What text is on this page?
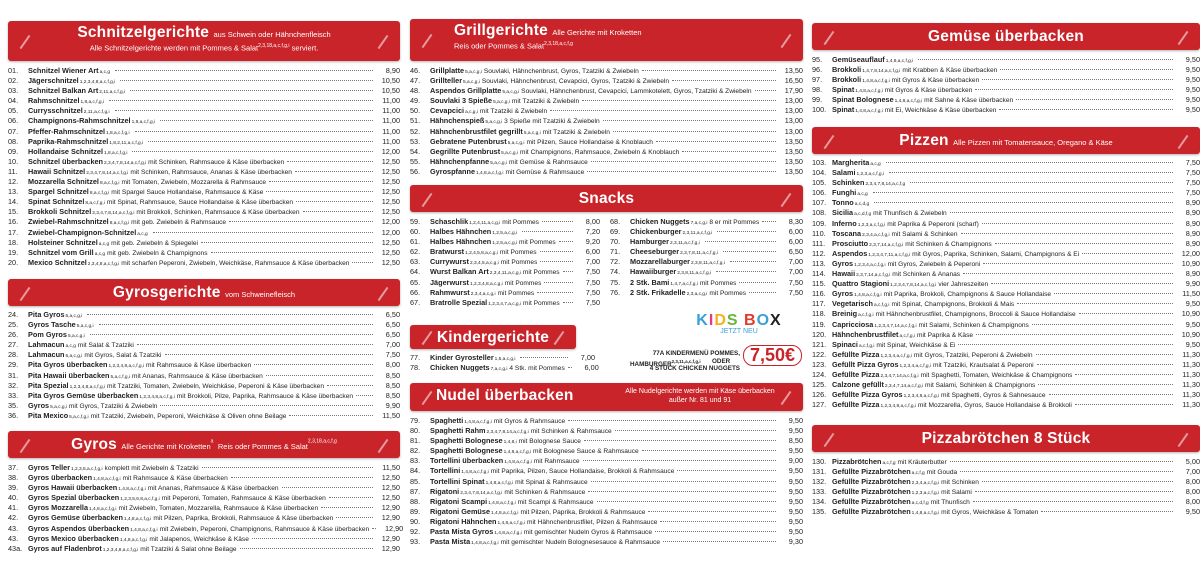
Schnitzelgerichte aus Schwein oder Hähnchenfleisch
Alle Schnitzelgerichte werden mit Pommes & Salat$^{2,3,18,a,c,f,g,i}$ serviert.
01.	Schnitzel Wiener Art a,c,g	8,90
02.	Jägerschnitzel 1,2,3,4,8,a,c,f,g,i	10,50
03.	Schnitzel Balkan Art 2,11,a,c,f,g,i	10,50
04.	Rahmschnitzel 1,8,a,c,f,g,i	11,00
05.	Currysschnitzel 2,11,a,c,f,g,i	11,00
06.	Champignons-Rahmschnitzel 1,8,a,c,f,g,i	11,00
07.	Pfeffer-Rahmschnitzel 1,8,a,c,f,g,i	11,00
08.	Paprika-Rahmschnitzel 1,8,2,11,a,c,f,g,i	11,00
09.	Hollandaise Schnitzel 1,8,a,c,f,g,i	12,00
10.	Schnitzel überbacken 2,3,4,7,8,14,a,c,f,g,i mit Schinken, Rahmsauce & Käse überbacken	12,50
11.	Hawaii Schnitzel 2,3,4,7,8,14,a,c,f,g,i mit Schinken, Rahmsauce, Ananas & Käse überbacken	12,50
12.	Mozzarella Schnitzel 8,a,c,f,g,i mit Tomaten, Zwiebeln, Mozzarella & Rahmsauce	12,50
13.	Spargel Schnitzel 8,a,c,f,g,i mit Spargel Sauce Hollandaise, Rahmsauce & Käse	12,50
14.	Spinat Schnitzel 8,a,c,f,g,i mit Spinat, Rahmsauce, Sauce Hollandaise & Käse überbacken	12,50
15.	Brokkoli Schnitzel 2,3,4,7,8,14,a,c,f,g,i mit Brokkoli, Schinken, Rahmsauce & Käse überbacken	12,50
16.	Zwiebel-Rahmschnitzel 8,a,c,f,g,i mit geb. Zwiebeln & Rahmsauce	12,00
17.	Zwiebel-Champignon-Schnitzel a,c,g	12,00
18.	Holsteiner Schnitzel a,c,g mit geb. Zwiebeln & Spiegelei	12,50
19.	Schnitzel vom Grill a,c,g mit geb. Zwiebeln & Champignons	12,50
20.	Mexico Schnitzel 2,3,4,8,a,c,f,g,i mit scharfen Peperoni, Zwiebeln, Weichkäse, Rahmsauce & Käse überbacken	12,50
Gyrosgerichte vom Schweinefleisch
24.	Pita Gyros 5,a,c,g,i	6,50
25.	Gyros Tasche 5,a,c,g,i	6,50
26.	Pom Gyros 5,a,c,g,i	6,50
27.	Lahmacun a,c,g mit Salat & Tzatziki	7,00
28.	Lahmacun 5,a,c,g,i mit Gyros, Salat & Tzatziki	7,50
29.	Pita Gyros überbacken 1,2,3,4,8,a,c,f,g,i mit Rahmsauce & Käse überbacken	8,00
31.	Pita Hawaii überbacken 5,a,c,f,g,i mit Ananas, Rahmsauce & Käse überbacken	8,50
32.	Pita Spezial 1,2,3,4,8,a,c,f,g,i mit Tzatziki, Tomaten, Zwiebeln, Weichkäse, Peperoni & Käse überbacken	8,50
33.	Pita Gyros Gemüse überbacken 1,2,3,4,8,a,c,f,g,i mit Brokkoli, Pilze, Paprika, Rahmsauce & Käse überbacken	8,50
35.	Gyros 5,a,c,g,i mit Gyros, Tzatziki & Zwiebeln	9,90
36.	Pita Mexico 5,a,c,f,g,i mit Tzatziki, Zwiebeln, Peperoni, Weichkäse & Oliven ohne Beilage	11,50
Gyros Alle Gerichte mit Kroketten$^a$ Reis oder Pommes & Salat$^{2,3,18,a,c,f,g}$
37.	Gyros Teller 1,2,3,5,a,c,f,g,i komplett mit Zwiebeln & Tzatziki	11,50
38.	Gyros überbacken 1,4,8,a,c,f,g,i mit Rahmsauce & Käse überbacken	12,50
39.	Gyros Hawaii überbacken 1,4,8,a,c,f,g,i mit Ananas, Rahmsauce & Käse überbacken	12,50
40.	Gyros Spezial überbacken 1,2,3,5,6,8,a,c,f,g,i mit Peperoni, Tomaten, Rahmsauce & Käse überbacken	12,50
41.	Gyros Mozzarella 1,4,8,a,c,f,g,i mit Zwiebeln, Tomaten, Mozzarella, Rahmsauce & Käse überbacken	12,90
42.	Gyros Gemüse überbacken 1,4,8,a,c,f,g,i mit Pilzen, Paprika, Brokkoli, Rahmsauce & Käse überbacken	12,90
43.	Gyros Aspendos überbacken 1,4,8,a,c,f,g,i mit Zwiebeln, Peperoni, Champignons, Rahmsauce & Käse überbacken	12,90
43.	Gyros Mexico überbacken 1,4,8,a,c,f,g,i mit Jalapenos, Weichkäse & Käse	12,90
43a. Gyros auf Fladenbrot 1,2,3,4,8,a,c,f,g,i mit Tzatziki & Salat ohne Beilage	12,90
Grillgerichte Alle Gerichte mit Kroketten
Reis oder Pommes & Salat$^{2,3,18,a,c,f,g}$
46.	Grillplatte 5,a,c,g,i Souvlaki, Hähnchenbrust, Gyros, Tzatziki & Zwiebeln	13,50
47.	Grillteller 5,a,c,g,i Souvlaki, Hähnchenbrust, Cevapcici, Gyros, Tzatziki & Zwiebeln	16,50
48.	Aspendos Grillplatte 5,a,c,g,i Souvlaki, Hähnchenbrust, Cevapcici, Lammkotelett, Gyros, Tzatziki & Zwiebeln	17,90
49.	Souvlaki 3 Spieße 5,a,c,g,i mit Tzatziki & Zwiebeln	13,00
50.	Cevapcici a,c,g,i mit Tzatziki & Zwiebeln	13,00
51.	Hähnchenspieß 5,a,c,g,i 3 Spieße mit Tzatziki & Zwiebeln	13,00
52.	Hähnchenbrustfilet gegrillt 5,a,c,g,i mit Tzatziki & Zwiebeln	13,00
53.	Gebratene Putenbrust 5,a,c,g,i mit Pilzen, Sauce Hollandaise & Knoblauch	13,50
54.	Gegrillte Putenbrust 5,a,c,g,i mit Champignons, Rahmsauce, Zwiebeln & Knoblauch	13,50
55.	Hähnchenpfanne 5,a,c,g,i mit Gemüse & Rahmsauce	13,50
56.	Gyrospfanne 1,4,8,a,c,f,g,i mit Gemüse & Rahmsauce	13,50
Snacks
59.	Schaschlik 1,2,4,11,a,c,g,i mit Pommes	8,00
60.	Halbes Hähnchen 1,2,5,a,c,g,i	7,20
61.	Halbes Hähnchen 1,2,5,a,c,g,i mit Pommes	9,20
62.	Bratwurst 1,2,4,5,8,a,c,g,i mit Pommes	6,00
63.	Currywurst 2,3,4,5,a,c,g,i mit Pommes	7,00
64.	Wurst Balkan Art 2,3,4,11,a,c,g,i mit Pommes	7,50
65.	Jägerwurst 1,2,3,4,8,a,c,g,i mit Pommes	7,50
66.	Rahmwurst 2,3,4,a,c,g,i mit Pommes	7,50
67.	Bratrolle Spezial 1,2,3,4,7,a,c,g,i mit Pommes	7,50
68.	Chicken Nuggets 7,a,c,g,i 8 er mit Pommes	8,30
69.	Chickenburger 2,3,11,a,c,f,g,i	6,00
70.	Hamburger 2,3,11,a,c,f,g,i	6,00
71.	Cheeseburger 2,3,7,8,11,a,c,f,g,i	6,50
72.	Mozzarellaburger 2,3,8,11,a,c,f,g,i	7,00
74.	Hawaiiburger 2,3,8,11,a,c,f,g,i	7,00
75.	2 Stk. Bami 1,4,7,a,c,f,g,i mit Pommes	7,50
76.	2 Stk. Frikadelle 2,3,a,c,g,i mit Pommes	7,50
Kindergerichte
77.	Kinder Gyrosteller 1,5,a,c,g,i	7,00
78.	Chicken Nuggets 7,a,c,g,i 4 Stk. mit Pommes	6,00
KIDS BOX
JETZT NEU
77A KINDERMENÜ POMMES,
HAMBURGER$^{2,3,11,a,c,f,g,i}$ ODER
4 STÜCK CHICKEN NUGGETS
7,50€
Nudel überbacken	Alle Nudelgerichte werden mit Käse überbacken
außer Nr. 81 und 91
79.	Spaghetti 1,4,8,a,c,f,g,i mit Gyros & Rahmsauce	9,50
80.	Spaghetti Rahm 2,3,4,7,8,14,a,c,f,g,i mit Schinken & Rahmsauce	9,50
81.	Spaghetti Bolognese 1,4,8,i mit Bolognese Sauce	8,50
82.	Spaghetti Bolognese 1,4,8,a,c,f,g,i mit Bolognese Sauce & Rahmsauce	9,50
83.	Tortellini überbacken 1,4,8,a,c,f,g,i mit Rahmsauce	9,00
84.	Tortellini 1,4,8,a,c,f,g,i mit Paprika, Pilzen, Sauce Hollandaise, Brokkoli & Rahmsauce	9,50
85.	Tortellini Spinat 1,4,8,a,c,f,g,i mit Spinat & Rahmsauce	9,50
87.	Rigatoni 2,3,4,7,8,14,a,c,f,g,i mit Schinken & Rahmsauce	9,50
88.	Rigatoni Scampi 1,4,8,a,c,f,g,i mit Scampi & Rahmsauce	9,50
89.	Rigatoni Gemüse 1,4,8,a,c,f,g,i mit Pilzen, Paprika, Brokkoli & Rahmsauce	9,50
90.	Rigatoni Hähnchen 1,4,8,a,c,f,g,i mit Hähnchenbrustfilet, Pilzen & Rahmsauce	9,50
92.	Pasta Mista Gyros 1,4,8,a,c,f,g,i mit gemischter Nudeln Gyros & Rahmsauce	9,50
93.	Pasta Mista 1,4,8,a,c,f,g,i mit gemischter Nudeln Bolognesesauce & Rahmsauce	9,30
Gemüse überbacken
95.	Gemüseauflauf 1,4,8,a,c,f,g,i	9,50
96.	Brokkoli 1,4,7,8,14,a,c,f,g,i mit Krabben & Käse überbacken	9,50
97.	Brokkoli 1,4,8,a,c,f,g,i mit Gyros & Käse überbacken	9,50
98.	Spinat 1,4,8,a,c,f,g,i mit Gyros & Käse überbacken	9,50
99.	Spinat Bolognese 1,4,8,a,c,f,g,i mit Sahne & Käse überbacken	9,50
100. Spinat 1,4,8,a,c,f,g,i mit Ei, Weichkäse & Käse überbacken	9,50
Pizzen Alle Pizzen mit Tomatensauce, Oregano & Käse
103. Margherita a,c,g	7,50
104. Salami 1,2,3,a,c,f,g,i	7,50
105. Schinken 2,3,4,7,8,14,a,c,f,g	7,50
106. Funghi a,c,g	7,50
107. Tonno a,c,d,g	8,90
108. Sicilia a,c,d,f,g mit Thunfisch & Zwiebeln	8,90
109. Inferno 1,2,3,a,c,f,g,i mit Paprika & Peperoni (scharf)	8,90
110. Toscana 2,3,4,a,c,f,g,i mit Salami & Schinken	8,90
111. Prosciutto 2,3,7,14,a,c,f,g,i mit Schinken & Champignons	8,90
112. Aspendos 1,2,3,4,7,11,a,c,f,g,i mit Gyros, Paprika, Schinken, Salami, Champignons & Ei	12,00
113. Gyros 1,2,3,4,a,c,f,g,i mit Gyros, Zwiebeln & Peperoni	10,90
114. Hawaii 2,3,7,14,a,c,f,g,i mit Schinken & Ananas	8,90
115. Quattro Stagioni 1,2,3,4,7,8,14,a,c,f,g,i vier Jahreszeiten	9,90
116. Gyros 1,4,8,a,c,f,g,i mit Paprika, Brokkoli, Champignons & Sauce Hollandaise	11,50
117. Vegetarisch a,c,f,g,i mit Spinat, Champignons, Brokkoli & Mais	9,50
118. Breinig a,c,f,g,i mit Hähnchenbrustfilet, Champignons, Broccoli & Sauce Hollandaise	10,90
119. Capricciosa 1,2,3,4,7,14,a,c,f,g,i mit Salami, Schinken & Champignons	9,50
120. Hähnchenbrustfilet a,c,f,g,i mit Paprika & Käse	10,90
121. Spinaci a,c,f,g,i mit Spinat, Weichkäse & Ei	9,50
122. Gefüllte Pizza 1,2,3,4,a,c,f,g,i mit Gyros, Tzatziki, Peperoni & Zwiebeln	11,30
123. Gefüllt Pizza Gyros 1,2,3,4,a,c,f,g,i mit Tzatziki, Krautsalat & Peperoni	11,30
124. Gefüllte Pizza 2,3,4,7,14,a,c,f,g,i mit Spaghetti, Tomaten, Weichkäse & Champignons	11,30
125. Calzone gefüllt 2,3,4,7,14,a,c,f,g,i mit Salami, Schinken & Champignons	11,30
126. Gefüllte Pizza Gyros 1,2,3,4,8,a,c,f,g,i mit Spaghetti, Gyros & Sahnesauce	11,30
127. Gefüllte Pizza 1,2,3,4,8,a,c,f,g,i mit Mozzarella, Gyros, Sauce Hollandaise & Brokkoli	11,30
Pizzabrötchen 8 Stück
130. Pizzabrötchen a,c,f,g mit Kräuterbutter	5,00
131. Gefüllte Pizzabrötchen a,c,f,g mit Gouda	7,00
132. Gefüllte Pizzabrötchen 2,3,4,a,c,f,g,i mit Schinken	8,00
133. Gefüllte Pizzabrötchen 1,2,3,a,c,f,g,i mit Salami	8,00
134. Gefüllte Pizzabrötchen a,c,d,f,g mit Thunfisch	8,00
135. Gefüllte Pizzabrötchen 1,4,8,a,c,f,g,i mit Gyros, Weichkäse & Tomaten	9,50
